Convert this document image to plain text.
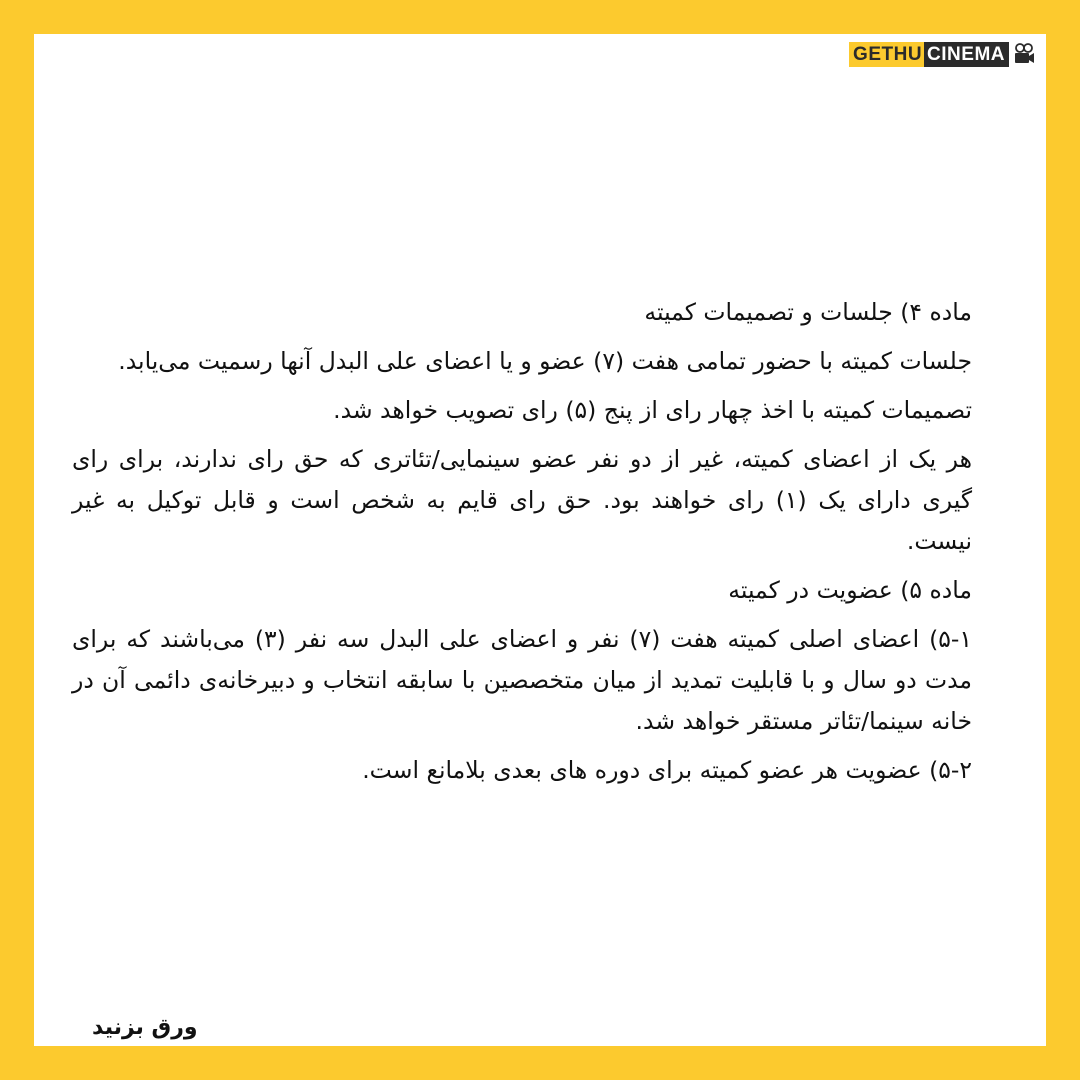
GETHU CINEMA

ماده ۴) جلسات و تصمیمات کمیته

جلسات کمیته با حضور تمامی هفت (۷) عضو و یا اعضای علی البدل آنها رسمیت می‌یابد.

تصمیمات کمیته با اخذ چهار رای از پنج (۵) رای تصویب خواهد شد.

هر یک از اعضای کمیته، غیر از دو نفر عضو سینمایی/تئاتری که حق رای ندارند، برای رای گیری دارای یک (۱) رای خواهند بود. حق رای قایم به شخص است و قابل توکیل به غیر نیست.

ماده ۵) عضویت در کمیته

۵-۱) اعضای اصلی کمیته هفت (۷) نفر و اعضای علی البدل سه نفر (۳) می‌باشند که برای مدت دو سال و با قابلیت تمدید از میان متخصصین با سابقه انتخاب و دبیرخانه‌ی دائمی آن در خانه سینما/تئاتر مستقر خواهد شد.

۵-۲) عضویت هر عضو کمیته برای دوره های بعدی بلامانع است.

ورق بزنید
